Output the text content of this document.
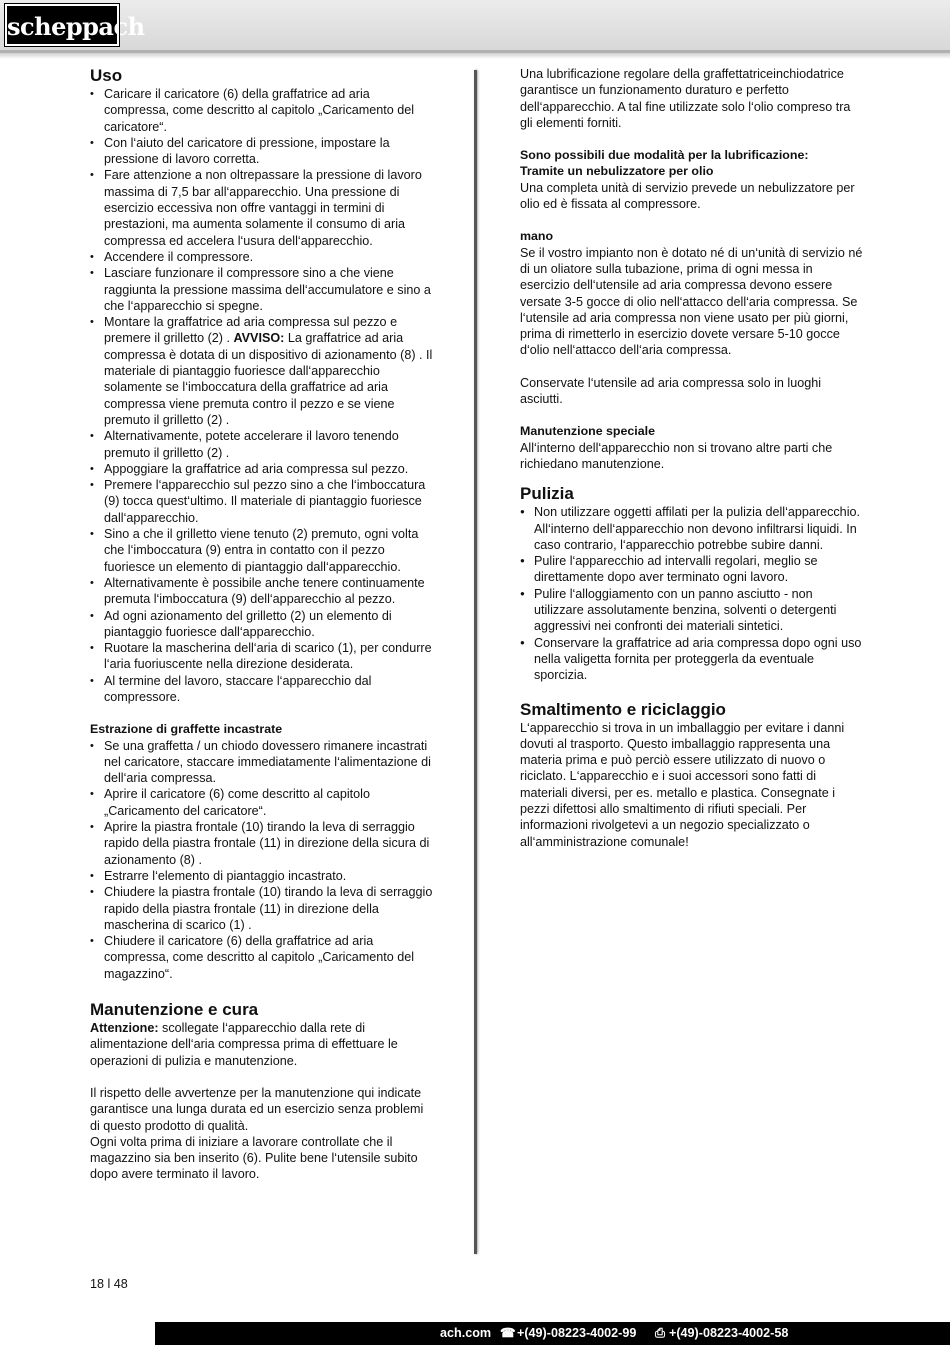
scheppach
Uso
• Caricare il caricatore (6) della graffatrice ad aria compressa, come descritto al capitolo „Caricamento del caricatore“.
• Con l‘aiuto del caricatore di pressione, impostare la pressione di lavoro corretta.
• Fare attenzione a non oltrepassare la pressione di lavoro massima di 7,5 bar all‘apparecchio. Una pressione di esercizio eccessiva non offre vantaggi in termini di prestazioni, ma aumenta solamente il consumo di aria compressa ed accelera l‘usura dell‘apparecchio.
• Accendere il compressore.
• Lasciare funzionare il compressore sino a che viene raggiunta la pressione massima dell‘accumulatore e sino a che l‘apparecchio si spegne.
• Montare la graffatrice ad aria compressa sul pezzo e premere il grilletto (2) . AVVISO: La graffatrice ad aria compressa è dotata di un dispositivo di azionamento (8) . Il materiale di piantaggio fuoriesce dall‘apparecchio solamente se l‘imboccatura della graffatrice ad aria compressa viene premuta contro il pezzo e se viene premuto il grilletto (2) .
• Alternativamente, potete accelerare il lavoro tenendo premuto il grilletto (2) .
• Appoggiare la graffatrice ad aria compressa sul pezzo.
• Premere l‘apparecchio sul pezzo sino a che l‘imboccatura (9) tocca quest‘ultimo. Il materiale di piantaggio fuoriesce dall‘apparecchio.
• Sino a che il grilletto viene tenuto (2) premuto, ogni volta che l‘imboccatura (9) entra in contatto con il pezzo fuoriesce un elemento di piantaggio dall‘apparecchio.
• Alternativamente è possibile anche tenere continuamente premuta l‘imboccatura (9) dell‘apparecchio al pezzo.
• Ad ogni azionamento del grilletto (2) un elemento di piantaggio fuoriesce dall‘apparecchio.
• Ruotare la mascherina dell‘aria di scarico (1), per condurre l‘aria fuoriuscente nella direzione desiderata.
• Al termine del lavoro, staccare l‘apparecchio dal compressore.
Estrazione di graffette incastrate
• Se una graffetta / un chiodo dovessero rimanere incastrati nel caricatore, staccare immediatamente l‘alimentazione di dell‘aria compressa.
• Aprire il caricatore (6) come descritto al capitolo „Caricamento del caricatore“.
• Aprire la piastra frontale (10) tirando la leva di serraggio rapido della piastra frontale (11) in direzione della sicura di azionamento (8) .
• Estrarre l‘elemento di piantaggio incastrato.
• Chiudere la piastra frontale (10) tirando la leva di serraggio rapido della piastra frontale (11) in direzione della mascherina di scarico (1) .
• Chiudere il caricatore (6) della graffatrice ad aria compressa, come descritto al capitolo „Caricamento del magazzino“.
Manutenzione e cura

Attenzione: scollegate l‘apparecchio dalla rete di alimentazione dell‘aria compressa prima di effettuare le operazioni di pulizia e manutenzione.

Il rispetto delle avvertenze per la manutenzione qui indicate garantisce una lunga durata ed un esercizio senza problemi di questo prodotto di qualità.

Ogni volta prima di iniziare a lavorare controllate che il magazzino sia ben inserito (6). Pulite bene l‘utensile subito dopo avere terminato il lavoro.

Una lubrificazione regolare della graffettatriceinchiodatrice garantisce un funzionamento duraturo e perfetto dell‘apparecchio. A tal fine utilizzate solo l‘olio compreso tra gli elementi forniti.

Sono possibili due modalità per la lubrificazione:
Tramite un nebulizzatore per olio

Una completa unità di servizio prevede un nebulizzatore per olio ed è fissata al compressore.

mano

Se il vostro impianto non è dotato né di un‘unità di servizio né di un oliatore sulla tubazione, prima di ogni messa in esercizio dell‘utensile ad aria compressa devono essere versate 3-5 gocce di olio nell‘attacco dell‘aria compressa. Se l‘utensile ad aria compressa non viene usato per più giorni, prima di rimetterlo in esercizio dovete versare 5-10 gocce d‘olio nell‘attacco dell‘aria compressa.

Conservate l‘utensile ad aria compressa solo in luoghi asciutti.

Manutenzione speciale

All‘interno dell‘apparecchio non si trovano altre parti che richiedano manutenzione.

Pulizia
● Non utilizzare oggetti affilati per la pulizia dell‘apparecchio. All‘interno dell‘apparecchio non devono infiltrarsi liquidi. In caso contrario, l‘apparecchio potrebbe subire danni.
● Pulire l‘apparecchio ad intervalli regolari, meglio se direttamente dopo aver terminato ogni lavoro.
● Pulire l‘alloggiamento con un panno asciutto - non utilizzare assolutamente benzina, solventi o detergenti aggressivi nei confronti dei materiali sintetici.
● Conservare la graffatrice ad aria compressa dopo ogni uso nella valigetta fornita per proteggerla da eventuale sporcizia.
Smaltimento e riciclaggio

L‘apparecchio si trova in un imballaggio per evitare i danni dovuti al trasporto. Questo imballaggio rappresenta una materia prima e può perciò essere utilizzato di nuovo o riciclato. L‘apparecchio e i suoi accessori sono fatti di materiali diversi, per es. metallo e plastica. Consegnate i pezzi difettosi allo smaltimento di rifiuti speciali. Per informazioni rivolgetevi a un negozio specializzato o all‘amministrazione comunale!

18 l 48
ach.com ☎ +(49)-08223-4002-99 ⎙ +(49)-08223-4002-58
